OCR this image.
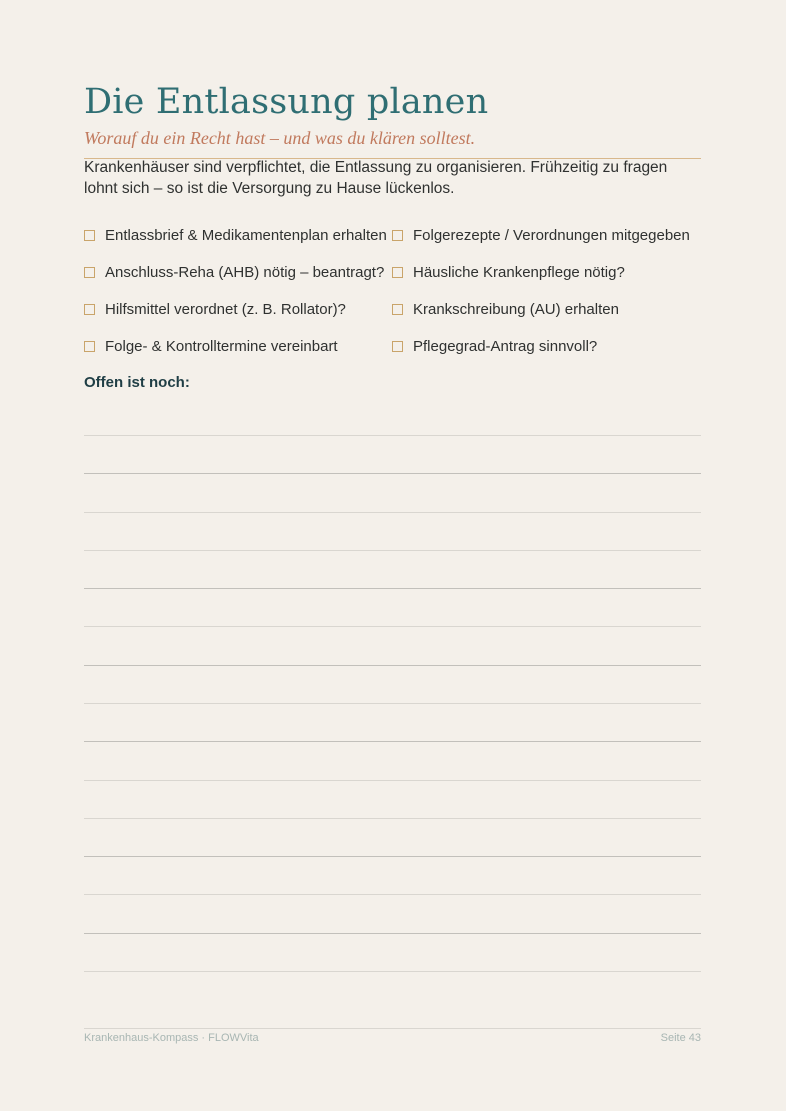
Die Entlassung planen
Worauf du ein Recht hast – und was du klären solltest.
Krankenhäuser sind verpflichtet, die Entlassung zu organisieren. Frühzeitig zu fragen lohnt sich – so ist die Versorgung zu Hause lückenlos.
Entlassbrief & Medikamentenplan erhalten
Anschluss-Reha (AHB) nötig – beantragt?
Hilfsmittel verordnet (z. B. Rollator)?
Folge- & Kontrolltermine vereinbart
Folgerezepte / Verordnungen mitgegeben
Häusliche Krankenpflege nötig?
Krankschreibung (AU) erhalten
Pflegegrad-Antrag sinnvoll?
Offen ist noch:
Krankenhaus-Kompass · FLOWVita	Seite 43
